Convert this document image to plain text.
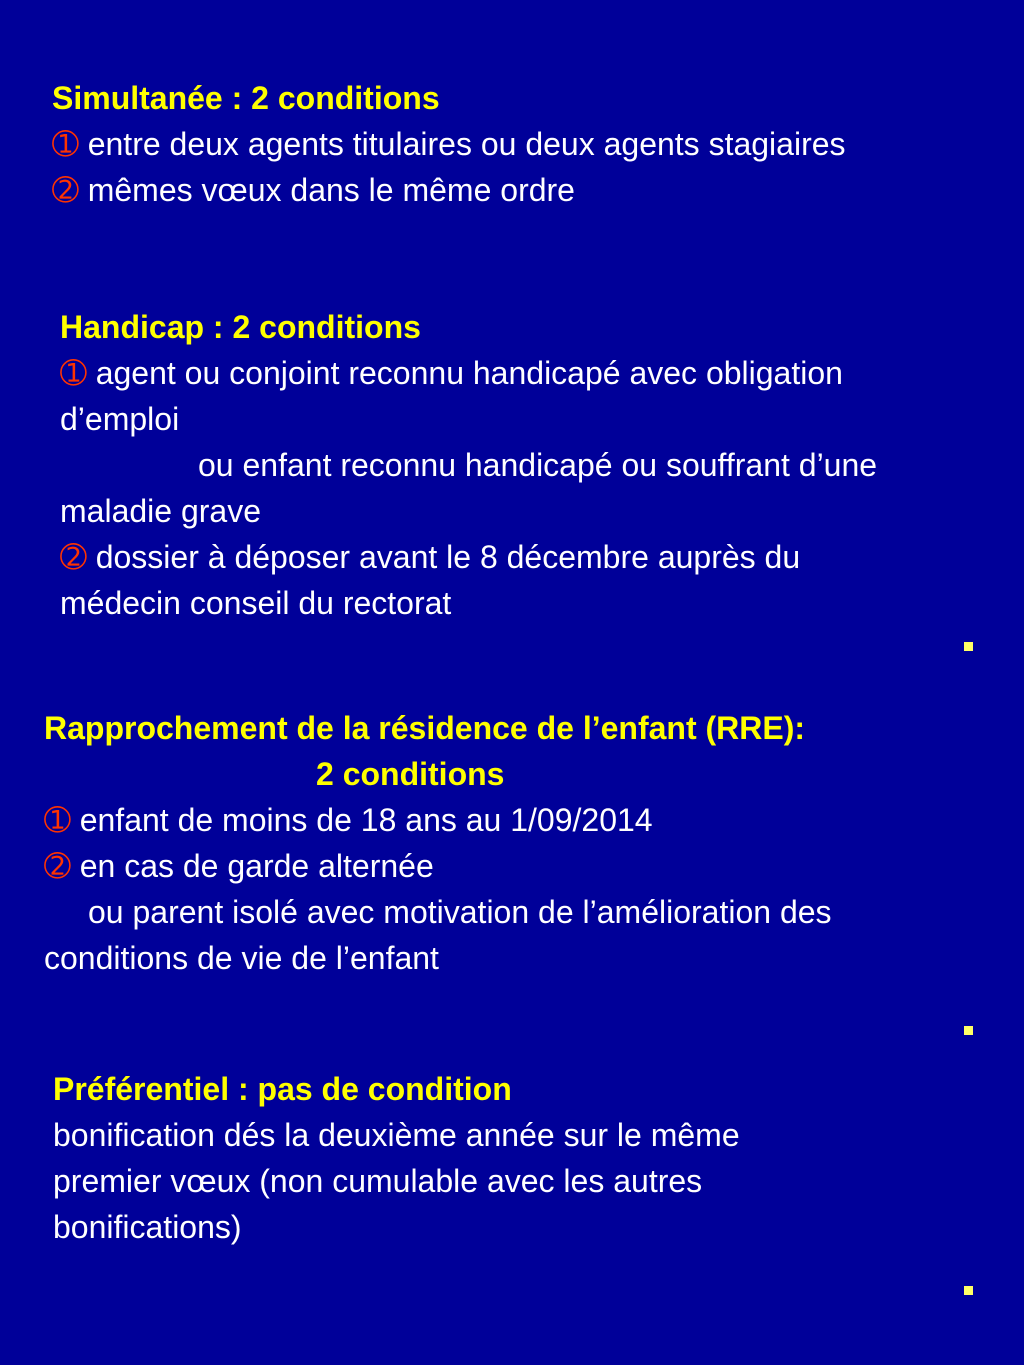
Simultanée : 2 conditions
➀ entre deux agents titulaires ou deux agents stagiaires
➁ mêmes vœux dans le même ordre
Handicap : 2 conditions
➀ agent ou conjoint reconnu handicapé avec obligation
d’emploi
ou enfant reconnu handicapé ou souffrant d’une
maladie grave
➁ dossier à déposer avant le 8 décembre auprès du
médecin conseil du rectorat
Rapprochement de la résidence de l’enfant (RRE):
2 conditions
➀ enfant de moins de 18 ans au 1/09/2014
➁ en cas de garde alternée
ou parent isolé avec motivation de l’amélioration des
conditions de vie de l’enfant
Préférentiel : pas de condition
bonification dés la deuxième année sur le même
premier vœux (non cumulable avec les autres
bonifications)
